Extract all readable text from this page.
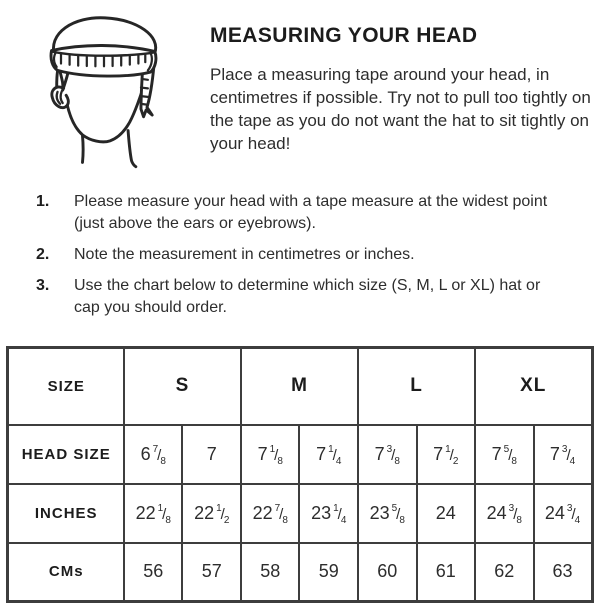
MEASURING YOUR HEAD

Place a measuring tape around your head, in centimetres if possible. Try not to pull too tightly on the tape as you do not want the hat to sit tightly on your head!

1.	Please measure your head with a tape measure at the widest point (just above the ears or eyebrows).
2.	Note the measurement in centimetres or inches.
3.	Use the chart below to determine which size (S, M, L or XL) hat or cap you should order.
SIZE	S		M		L		XL	
HEAD SIZE	6 $^7/_8$	7	7 $^1/_8$	7 $^1/_4$	7 $^3/_8$	7 $^1/_2$	7 $^5/_8$	7 $^3/_4$
INCHES	22 $^1/_8$	22 $^1/_2$	22 $^7/_8$	23 $^1/_4$	23 $^5/_8$	24	24 $^3/_8$	24 $^3/_4$
CMs	56	57	58	59	60	61	62	63
